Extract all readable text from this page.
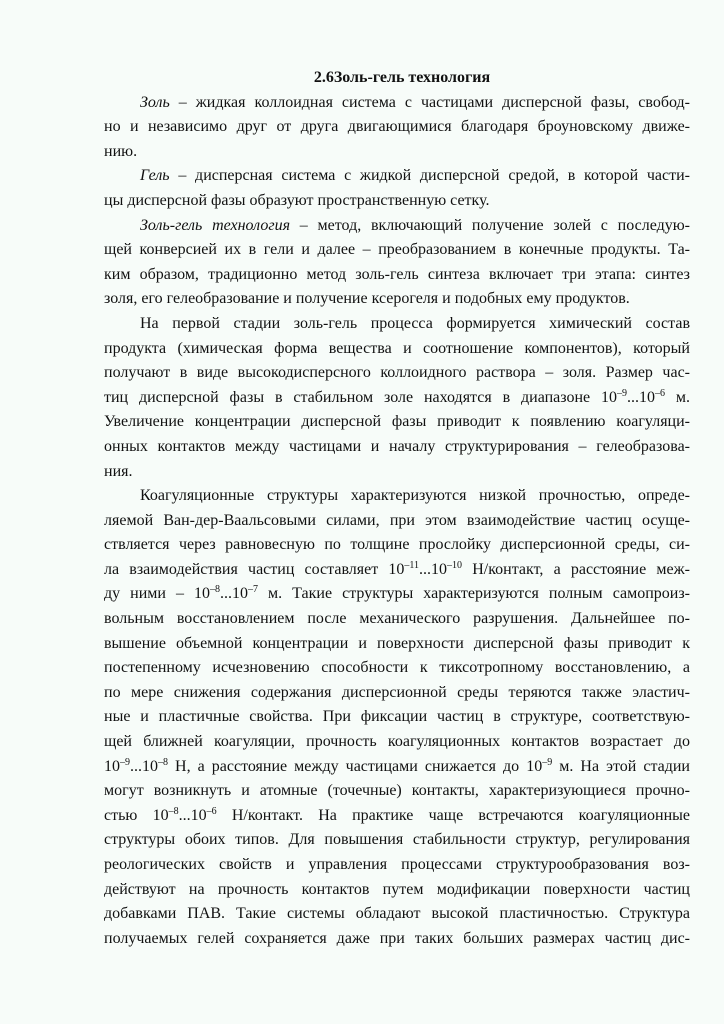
2.6Золь-гель технология
Золь – жидкая коллоидная система с частицами дисперсной фазы, свобод-
но и независимо друг от друга двигающимися благодаря броуновскому движе-
нию.
Гель – дисперсная система с жидкой дисперсной средой, в которой части-
цы дисперсной фазы образуют пространственную сетку.
Золь-гель технология – метод, включающий получение золей с последую-
щей конверсией их в гели и далее – преобразованием в конечные продукты. Та-
ким образом, традиционно метод золь-гель синтеза включает три этапа: синтез
золя, его гелеобразование и получение ксерогеля и подобных ему продуктов.
На первой стадии золь-гель процесса формируется химический состав
продукта (химическая форма вещества и соотношение компонентов), который
получают в виде высокодисперсного коллоидного раствора – золя. Размер час-
тиц дисперсной фазы в стабильном золе находятся в диапазоне $10^{-9}...10^{-6}$ м.
Увеличение концентрации дисперсной фазы приводит к появлению коагуляци-
онных контактов между частицами и началу структурирования – гелеобразова-
ния.
Коагуляционные структуры характеризуются низкой прочностью, опреде-
ляемой Ван-дер-Ваальсовыми силами, при этом взаимодействие частиц осуще-
ствляется через равновесную по толщине прослойку дисперсионной среды, си-
ла взаимодействия частиц составляет $10^{-11}...10^{-10}$ Н/контакт, а расстояние меж-
ду ними – $10^{-8}...10^{-7}$ м. Такие структуры характеризуются полным самопроиз-
вольным восстановлением после механического разрушения. Дальнейшее по-
вышение объемной концентрации и поверхности дисперсной фазы приводит к
постепенному исчезновению способности к тиксотропному восстановлению, а
по мере снижения содержания дисперсионной среды теряются также эластич-
ные и пластичные свойства. При фиксации частиц в структуре, соответствую-
щей ближней коагуляции, прочность коагуляционных контактов возрастает до
$10^{-9}...10^{-8}$ Н, а расстояние между частицами снижается до $10^{-9}$ м. На этой стадии
могут возникнуть и атомные (точечные) контакты, характеризующиеся прочно-
стью $10^{-8}...10^{-6}$ Н/контакт. На практике чаще встречаются коагуляционные
структуры обоих типов. Для повышения стабильности структур, регулирования
реологических свойств и управления процессами структурообразования воз-
действуют на прочность контактов путем модификации поверхности частиц
добавками ПАВ. Такие системы обладают высокой пластичностью. Структура
получаемых гелей сохраняется даже при таких больших размерах частиц дис-
